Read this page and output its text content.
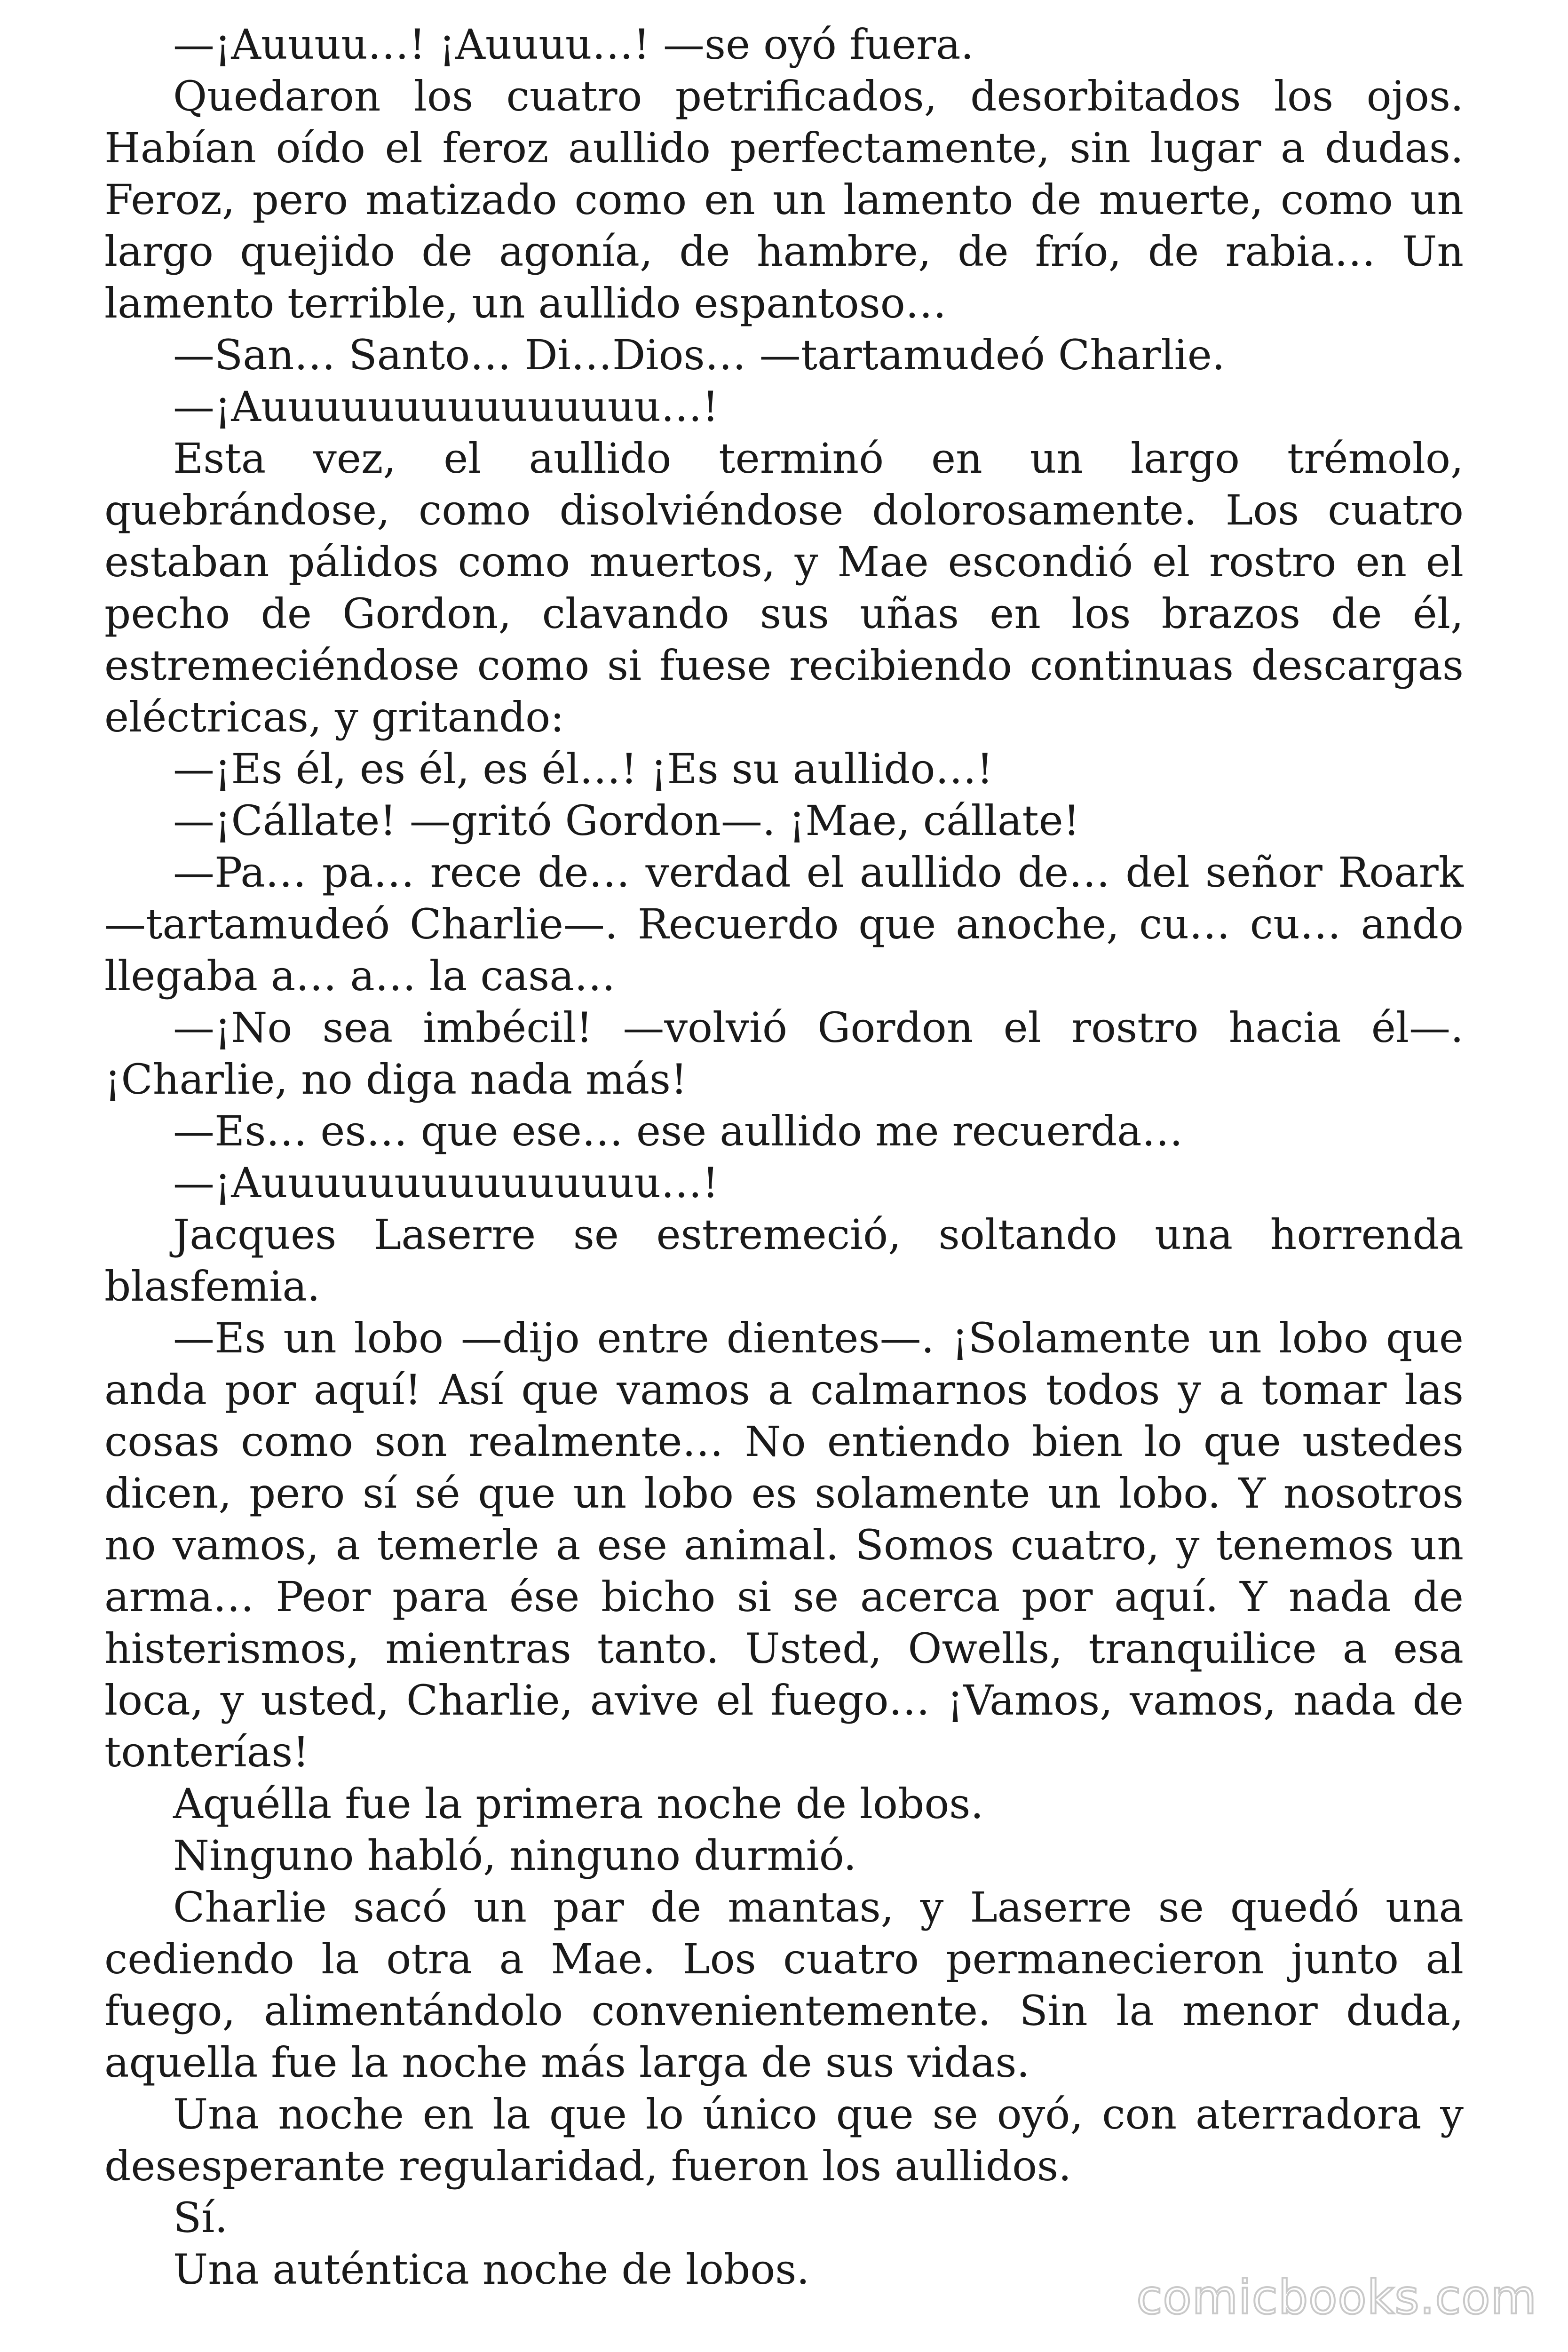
—¡Auuuu…! ¡Auuuu…! —se oyó fuera.

Quedaron los cuatro petrificados, desorbitados los ojos. Habían oído el feroz aullido perfectamente, sin lugar a dudas. Feroz, pero matizado como en un lamento de muerte, como un largo quejido de agonía, de hambre, de frío, de rabia… Un lamento terrible, un aullido espantoso…

—San… Santo… Di…Dios… —tartamudeó Charlie.

—¡Auuuuuuuuuuuuuuu…!

Esta vez, el aullido terminó en un largo trémolo, quebrándose, como disolviéndose dolorosamente. Los cuatro estaban pálidos como muertos, y Mae escondió el rostro en el pecho de Gordon, clavando sus uñas en los brazos de él, estremeciéndose como si fuese recibiendo continuas descargas eléctricas, y gritando:

—¡Es él, es él, es él…! ¡Es su aullido…!

—¡Cállate! —gritó Gordon—. ¡Mae, cállate!

—Pa… pa… rece de… verdad el aullido de… del señor Roark —tartamudeó Charlie—. Recuerdo que anoche, cu… cu… ando llegaba a… a… la casa…

—¡No sea imbécil! —volvió Gordon el rostro hacia él—. ¡Charlie, no diga nada más!

—Es… es… que ese… ese aullido me recuerda…

—¡Auuuuuuuuuuuuuuu…!

Jacques Laserre se estremeció, soltando una horrenda blasfemia.

—Es un lobo —dijo entre dientes—. ¡Solamente un lobo que anda por aquí! Así que vamos a calmarnos todos y a tomar las cosas como son realmente… No entiendo bien lo que ustedes dicen, pero sí sé que un lobo es solamente un lobo. Y nosotros no vamos, a temerle a ese animal. Somos cuatro, y tenemos un arma… Peor para ése bicho si se acerca por aquí. Y nada de histerismos, mientras tanto. Usted, Owells, tranquilice a esa loca, y usted, Charlie, avive el fuego… ¡Vamos, vamos, nada de tonterías!

Aquélla fue la primera noche de lobos.

Ninguno habló, ninguno durmió.

Charlie sacó un par de mantas, y Laserre se quedó una cediendo la otra a Mae. Los cuatro permanecieron junto al fuego, alimentándolo convenientemente. Sin la menor duda, aquella fue la noche más larga de sus vidas.

Una noche en la que lo único que se oyó, con aterradora y desesperante regularidad, fueron los aullidos.

Sí.

Una auténtica noche de lobos.

comicbooks.com
